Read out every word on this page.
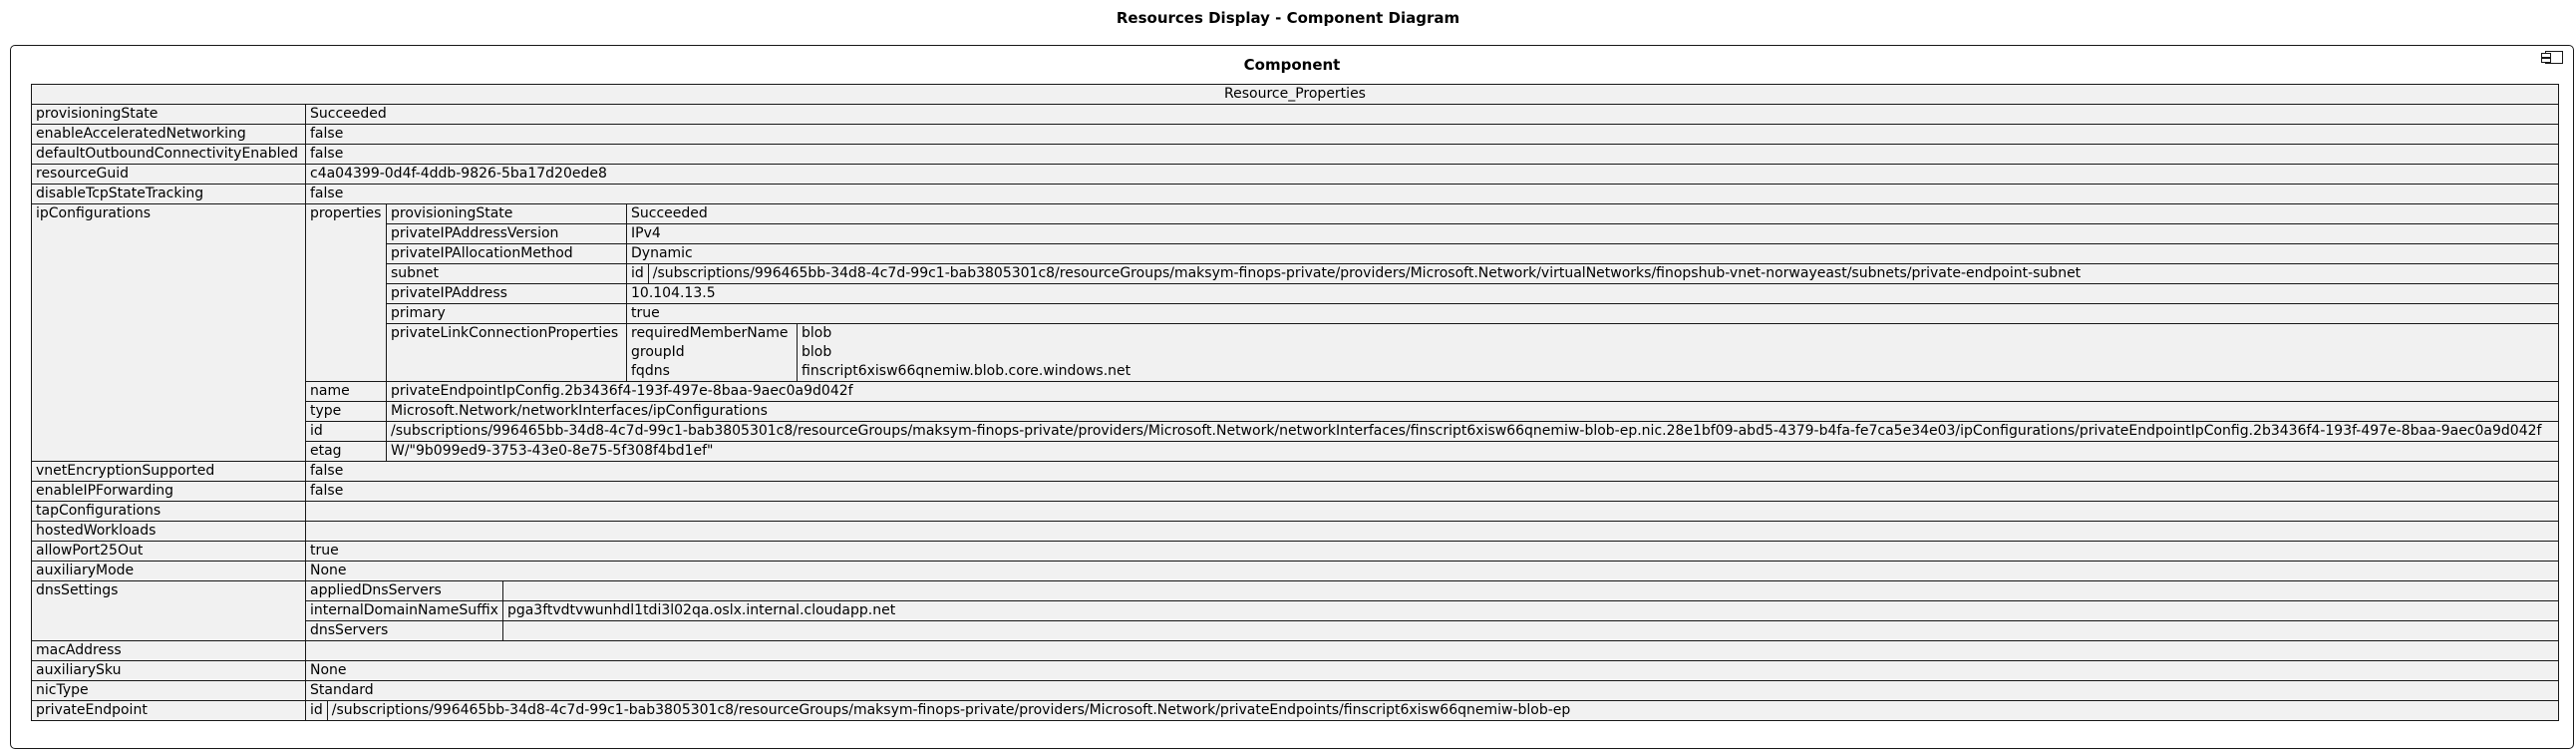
Resources Display - Component Diagram
Component
Resource_Properties
provisioningState	Succeeded
enableAcceleratedNetworking	false
defaultOutboundConnectivityEnabled	false
resourceGuid	c4a04399-0d4f-4ddb-9826-5ba17d20ede8
disableTcpStateTracking	false
ipConfigurations		properties	provisioningState	Succeeded
privateIPAddressVersion	IPv4
privateIPAllocationMethod	Dynamic
subnet		id	/subscriptions/996465bb-34d8-4c7d-99c1-bab3805301c8/resourceGroups/maksym-finops-private/providers/Microsoft.Network/virtualNetworks/finopshub-vnet-norwayeast/subnets/private-endpoint-subnet

privateIPAddress	10.104.13.5
primary	true
privateLinkConnectionProperties	requiredMemberName	blob
groupId	blob
fqdns	finscript6xisw66qnemiw.blob.core.windows.net

name	privateEndpointIpConfig.2b3436f4-193f-497e-8baa-9aec0a9d042f
type	Microsoft.Network/networkInterfaces/ipConfigurations
id	/subscriptions/996465bb-34d8-4c7d-99c1-bab3805301c8/resourceGroups/maksym-finops-private/providers/Microsoft.Network/networkInterfaces/finscript6xisw66qnemiw-blob-ep.nic.28e1bf09-abd5-4379-b4fa-fe7ca5e34e03/ipConfigurations/privateEndpointIpConfig.2b3436f4-193f-497e-8baa-9aec0a9d042f
etag	W/"9b099ed9-3753-43e0-8e75-5f308f4bd1ef"

vnetEncryptionSupported	false
enableIPForwarding	false
tapConfigurations	
hostedWorkloads	
allowPort25Out	true
auxiliaryMode	None
dnsSettings		appliedDnsServers	
internalDomainNameSuffix	pga3ftvdtvwunhdl1tdi3l02qa.oslx.internal.cloudapp.net
dnsServers	

macAddress	
auxiliarySku	None
nicType	Standard
privateEndpoint		id	/subscriptions/996465bb-34d8-4c7d-99c1-bab3805301c8/resourceGroups/maksym-finops-private/providers/Microsoft.Network/privateEndpoints/finscript6xisw66qnemiw-blob-ep
